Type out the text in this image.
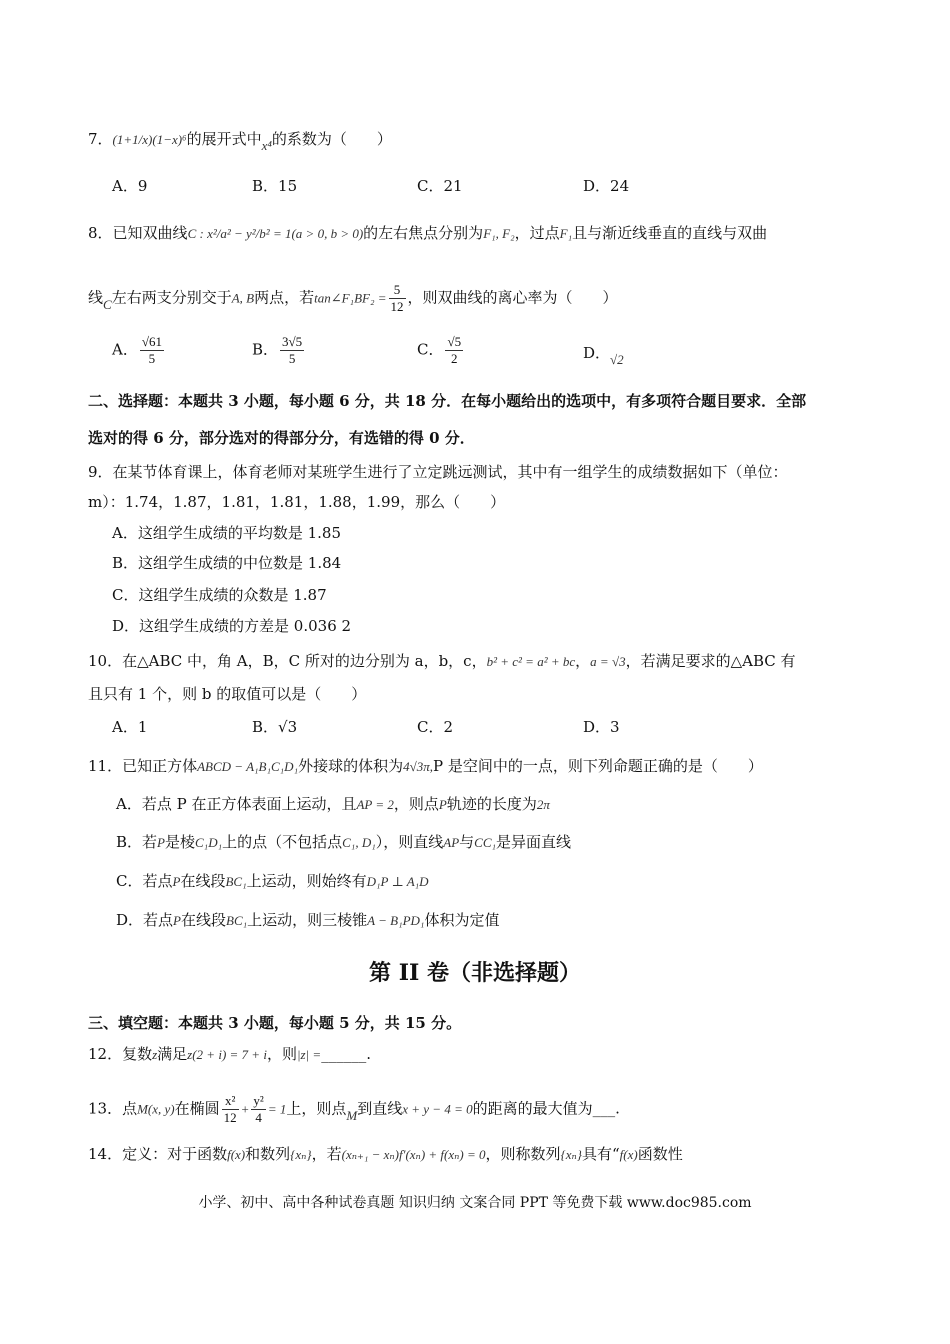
7．(1+1/x)(1−x)⁶的展开式中x⁴的系数为（　　）
A．9	B．15	C．21	D．24
8．已知双曲线C : x²/a² − y²/b² = 1(a > 0, b > 0)的左右焦点分别为F₁, F₂，过点F₁且与渐近线垂直的直线与双曲
线C左右两支分别交于A, B两点，若tan∠F₁BF₂ = $\frac{5}{12}$ ，则双曲线的离心率为（　　）
A． $\frac{√61}{5}$	B． $\frac{3√5}{5}$	C． $\frac{√5}{2}$	D．√2
二、选择题：本题共 3 小题，每小题 6 分，共 18 分．在每小题给出的选项中，有多项符合题目要求．全部
选对的得 6 分，部分选对的得部分分，有选错的得 0 分．
9．在某节体育课上，体育老师对某班学生进行了立定跳远测试，其中有一组学生的成绩数据如下（单位：
m）：1.74，1.87，1.81，1.81，1.88，1.99，那么（　　）
A．这组学生成绩的平均数是 1.85
B．这组学生成绩的中位数是 1.84
C．这组学生成绩的众数是 1.87
D．这组学生成绩的方差是 0.036 2
10．在△ABC 中，角 A，B，C 所对的边分别为 a，b，c，b² + c² = a² + bc，a = √3，若满足要求的△ABC 有
且只有 1 个，则 b 的取值可以是（　　）
A．1	B．√3	C．2	D．3
11．已知正方体ABCD − A₁B₁C₁D₁外接球的体积为4√3π,P 是空间中的一点，则下列命题正确的是（　　）
A．若点 P 在正方体表面上运动，且AP = 2，则点P轨迹的长度为2π
B．若P是棱C₁D₁上的点（不包括点C₁, D₁），则直线AP与CC₁是异面直线
C．若点P在线段BC₁上运动，则始终有D₁P ⊥ A₁D
D．若点P在线段BC₁上运动，则三棱锥A − B₁PD₁体积为定值
第 II 卷（非选择题）
三、填空题：本题共 3 小题，每小题 5 分，共 15 分。
12．复数z满足z(2 + i) = 7 + i，则|z| =______.
13．点M(x, y)在椭圆 $\frac{\text{x²}}{12} + \frac{\text{y²}}{4} = 1$上，则点M到直线x + y − 4 = 0的距离的最大值为___.
14．定义：对于函数f(x)和数列{xₙ}，若(xₙ₊₁ − xₙ)f′(xₙ) + f(xₙ) = 0，则称数列{xₙ}具有“f(x)函数性
小学、初中、高中各种试卷真题 知识归纳 文案合同 PPT 等免费下载 www.doc985.com
